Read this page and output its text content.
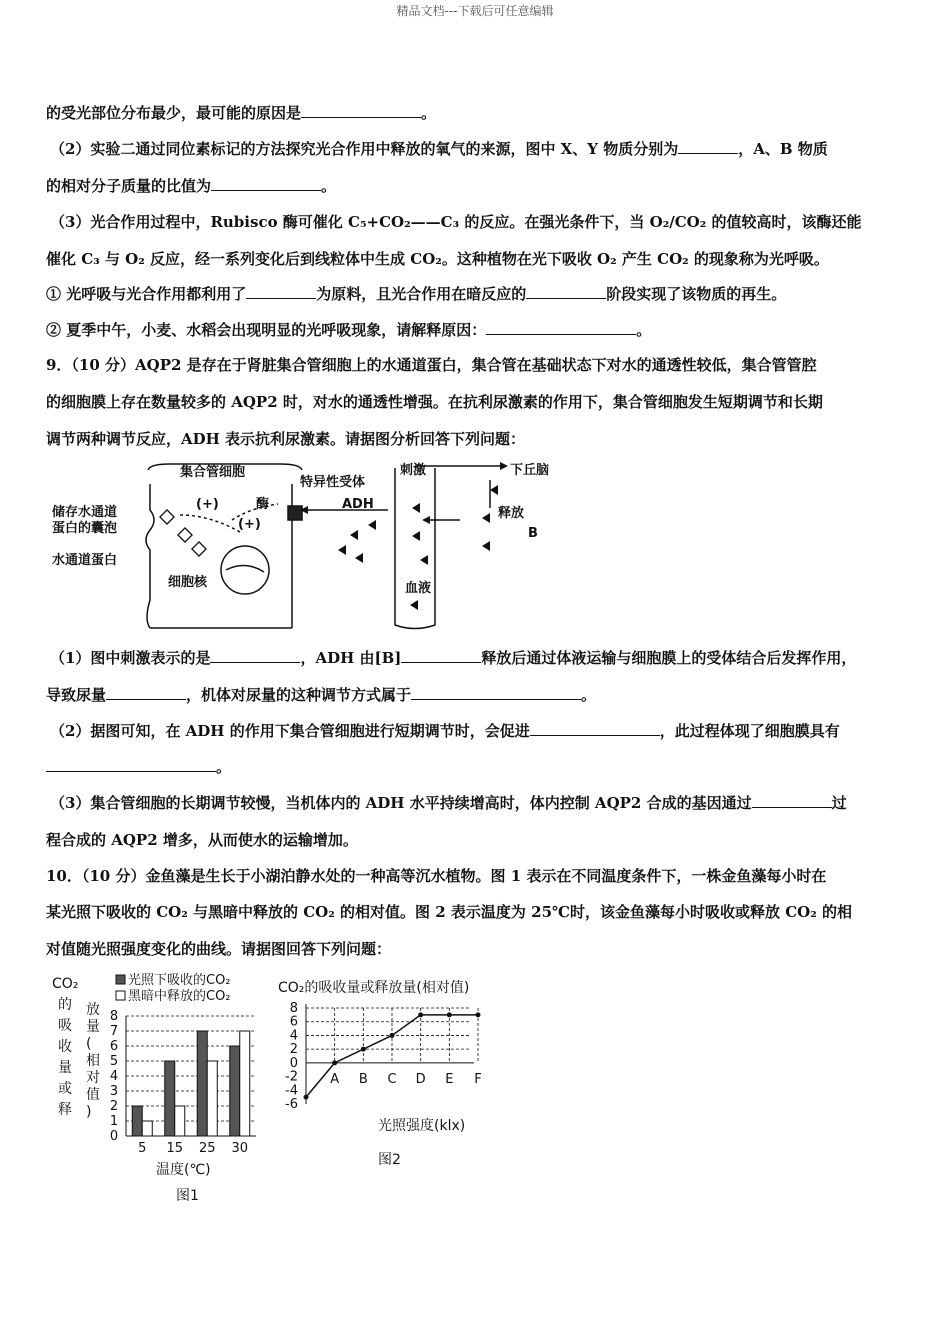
精品文档---下载后可任意编辑
的受光部位分布最少，最可能的原因是	。
（2）实验二通过同位素标记的方法探究光合作用中释放的氧气的来源，图中 X、Y 物质分别为	，A、B 物质
的相对分子质量的比值为	。
（3）光合作用过程中，Rubisco 酶可催化 C₅+CO₂——C₃ 的反应。在强光条件下，当 O₂/CO₂ 的值较高时，该酶还能
催化 C₃ 与 O₂ 反应，经一系列变化后到线粒体中生成 CO₂。这种植物在光下吸收 O₂ 产生 CO₂ 的现象称为光呼吸。
① 光呼吸与光合作用都利用了	为原料，且光合作用在暗反应的	阶段实现了该物质的再生。
② 夏季中午，小麦、水稻会出现明显的光呼吸现象，请解释原因：	。
9．（10 分）AQP2 是存在于肾脏集合管细胞上的水通道蛋白，集合管在基础状态下对水的通透性较低，集合管管腔
的细胞膜上存在数量较多的 AQP2 时，对水的通透性增强。在抗利尿激素的作用下，集合管细胞发生短期调节和长期
调节两种调节反应，ADH 表示抗利尿激素。请据图分析回答下列问题：
集合管细胞
特异性受体
刺激	下丘脑
释放
B
ADH
酶
(+)
(+)
储存水通道
蛋白的囊泡
水通道蛋白
细胞核	血液
（1）图中刺激表示的是	，ADH 由[B]	释放后通过体液运输与细胞膜上的受体结合后发挥作用，
导致尿量	，机体对尿量的这种调节方式属于	。
（2）据图可知，在 ADH 的作用下集合管细胞进行短期调节时，会促进	，此过程体现了细胞膜具有
。
（3）集合管细胞的长期调节较慢，当机体内的 ADH 水平持续增高时，体内控制 AQP2 合成的基因通过	过
程合成的 AQP2 增多，从而使水的运输增加。
10．（10 分）金鱼藻是生长于小湖泊静水处的一种高等沉水植物。图 1 表示在不同温度条件下，一株金鱼藻每小时在
某光照下吸收的 CO₂ 与黑暗中释放的 CO₂ 的相对值。图 2 表示温度为 25℃时，该金鱼藻每小时吸收或释放 CO₂ 的相
对值随光照强度变化的曲线。请据图回答下列问题：
CO₂ 的吸收量或释
放量(相对值)
光照下吸收的CO₂
黑暗中释放的CO₂
0
1
2
3
4
5
6
7
8
5 15 25 30
温度(℃)
图1
CO₂的吸收量或释放量(相对值)
8
6
4
2
0
-2
-4
-6
A B C D E F
光照强度(klx)
图2
